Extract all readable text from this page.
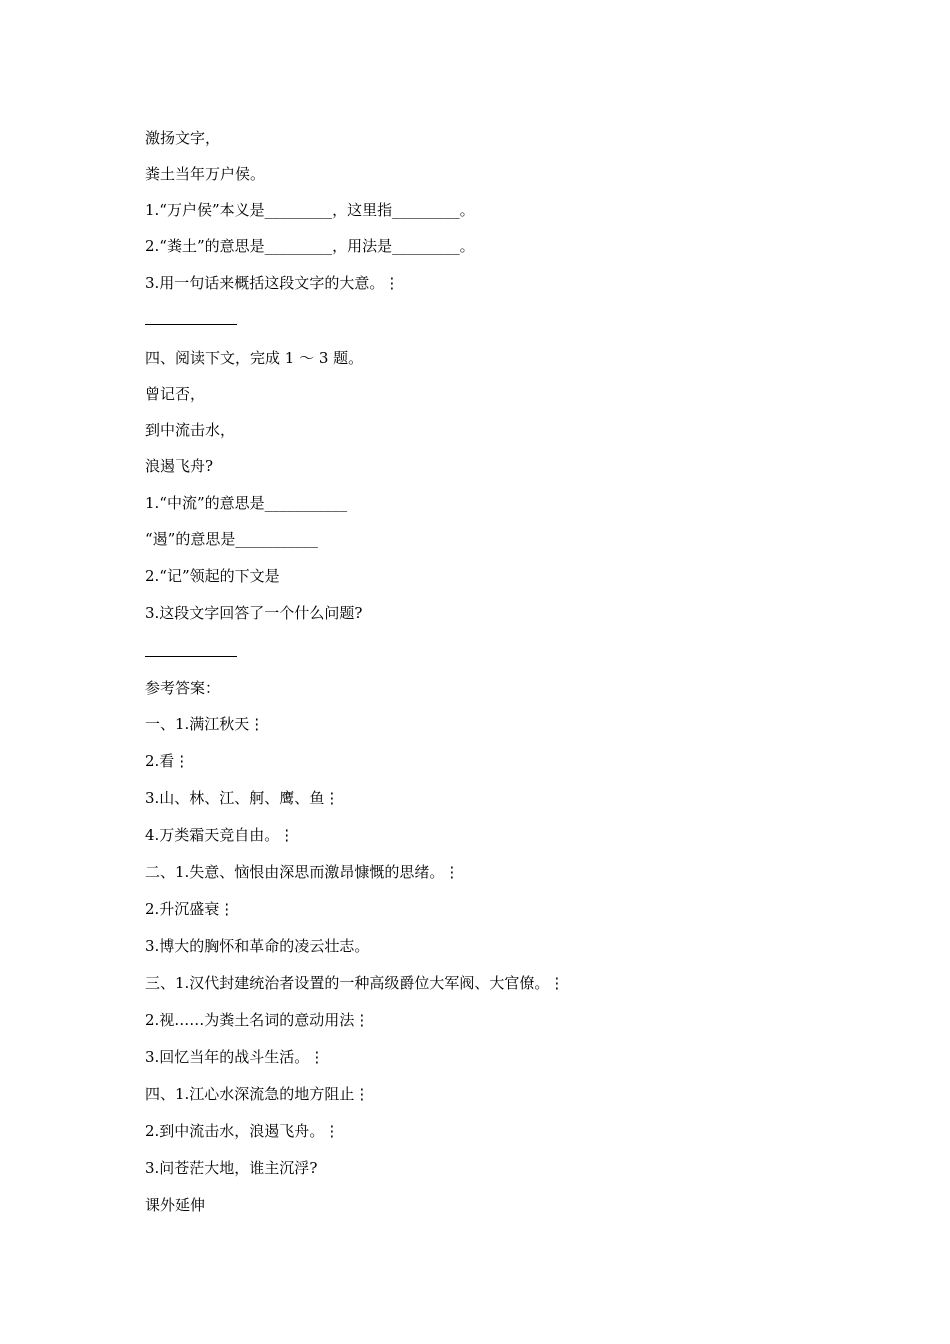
激扬文字，
粪土当年万户侯。
1.“万户侯”本义是_________，这里指_________。
2.“粪土”的意思是_________，用法是_________。
3.用一句话来概括这段文字的大意。⋮
四、阅读下文，完成 1 ～ 3 题。
曾记否，
到中流击水，
浪遏飞舟?
1.“中流”的意思是___________
“遏”的意思是___________
2.“记”领起的下文是
3.这段文字回答了一个什么问题?
参考答案：
一、1.满江秋天⋮
2.看⋮
3.山、林、江、舸、鹰、鱼⋮
4.万类霜天竞自由。⋮
二、1.失意、恼恨由深思而激昂慷慨的思绪。⋮
2.升沉盛衰⋮
3.博大的胸怀和革命的凌云壮志。
三、1.汉代封建统治者设置的一种高级爵位大军阀、大官僚。⋮
2.视……为粪土名词的意动用法⋮
3.回忆当年的战斗生活。⋮
四、1.江心水深流急的地方阻止⋮
2.到中流击水，浪遏飞舟。⋮
3.问苍茫大地，谁主沉浮?
课外延伸
